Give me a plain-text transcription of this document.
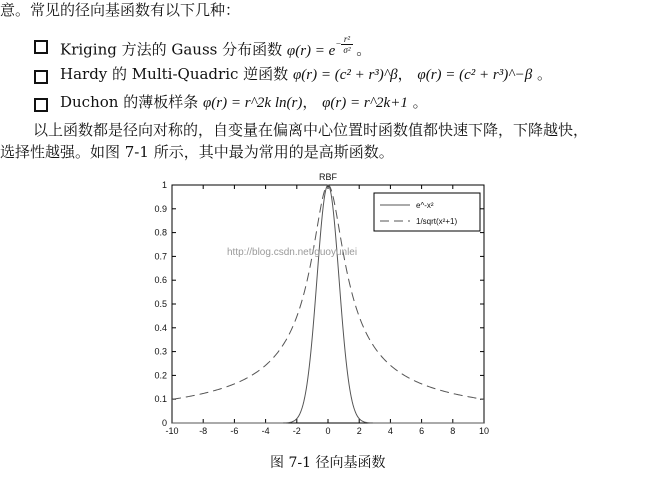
意。常见的径向基函数有以下几种：
Kriging 方法的 Gauss 分布函数 $\varphi(r) = e- \frac{\text{r²}}{\text{σ²}}$ 。
Hardy 的 Multi-Quadric 逆函数 φ(r) = (c² + r³)^β， φ(r) = (c² + r³)^−β 。
Duchon 的薄板样条 φ(r) = r^2k ln(r)， φ(r) = r^2k+1 。
以上函数都是径向对称的，自变量在偏离中心位置时函数值都快速下降，下降越快，
选择性越强。如图 7-1 所示，其中最为常用的是高斯函数。
RBF
-10 -8	-6	-4	-2	0	2	4	6	8	10
0
0.1
0.2
0.3
0.4
0.5
0.6
0.7
0.8
0.9
1
e^-x²
1/sqrt(x²+1)
http://blog.csdn.net/guoyunlei
图 7-1 径向基函数
